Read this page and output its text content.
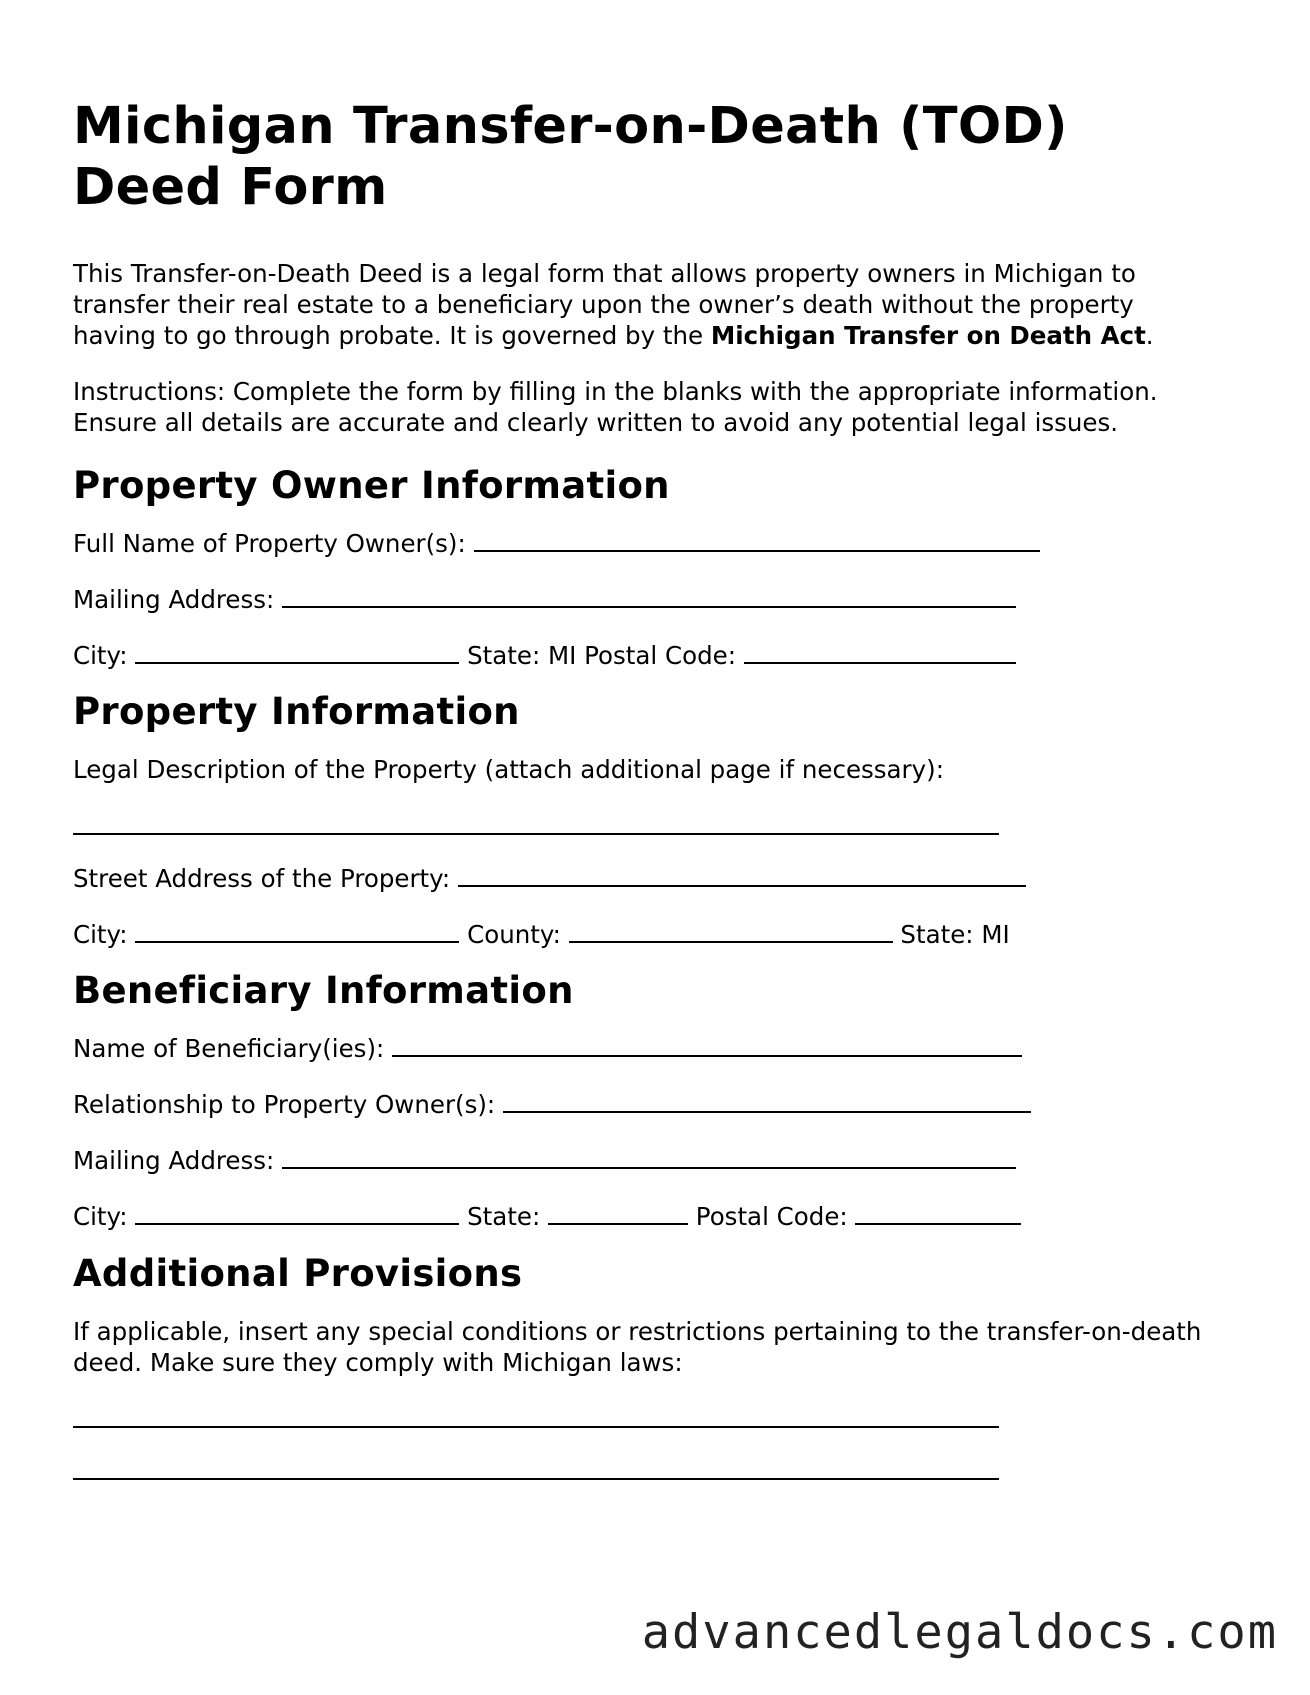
Michigan Transfer-on-Death (TOD) Deed Form

This Transfer-on-Death Deed is a legal form that allows property owners in Michigan to transfer their real estate to a beneficiary upon the owner’s death without the property having to go through probate. It is governed by the Michigan Transfer on Death Act.

Instructions: Complete the form by filling in the blanks with the appropriate information. Ensure all details are accurate and clearly written to avoid any potential legal issues.

Property Owner Information
Full Name of Property Owner(s):
Mailing Address:
City:	State: MI Postal Code:
Property Information
Legal Description of the Property (attach additional page if necessary):
Street Address of the Property:
City:	County:	State: MI
Beneficiary Information
Name of Beneficiary(ies):
Relationship to Property Owner(s):
Mailing Address:
City:	State:	Postal Code:
Additional Provisions
If applicable, insert any special conditions or restrictions pertaining to the transfer-on-death deed. Make sure they comply with Michigan laws:
advancedlegaldocs.com
